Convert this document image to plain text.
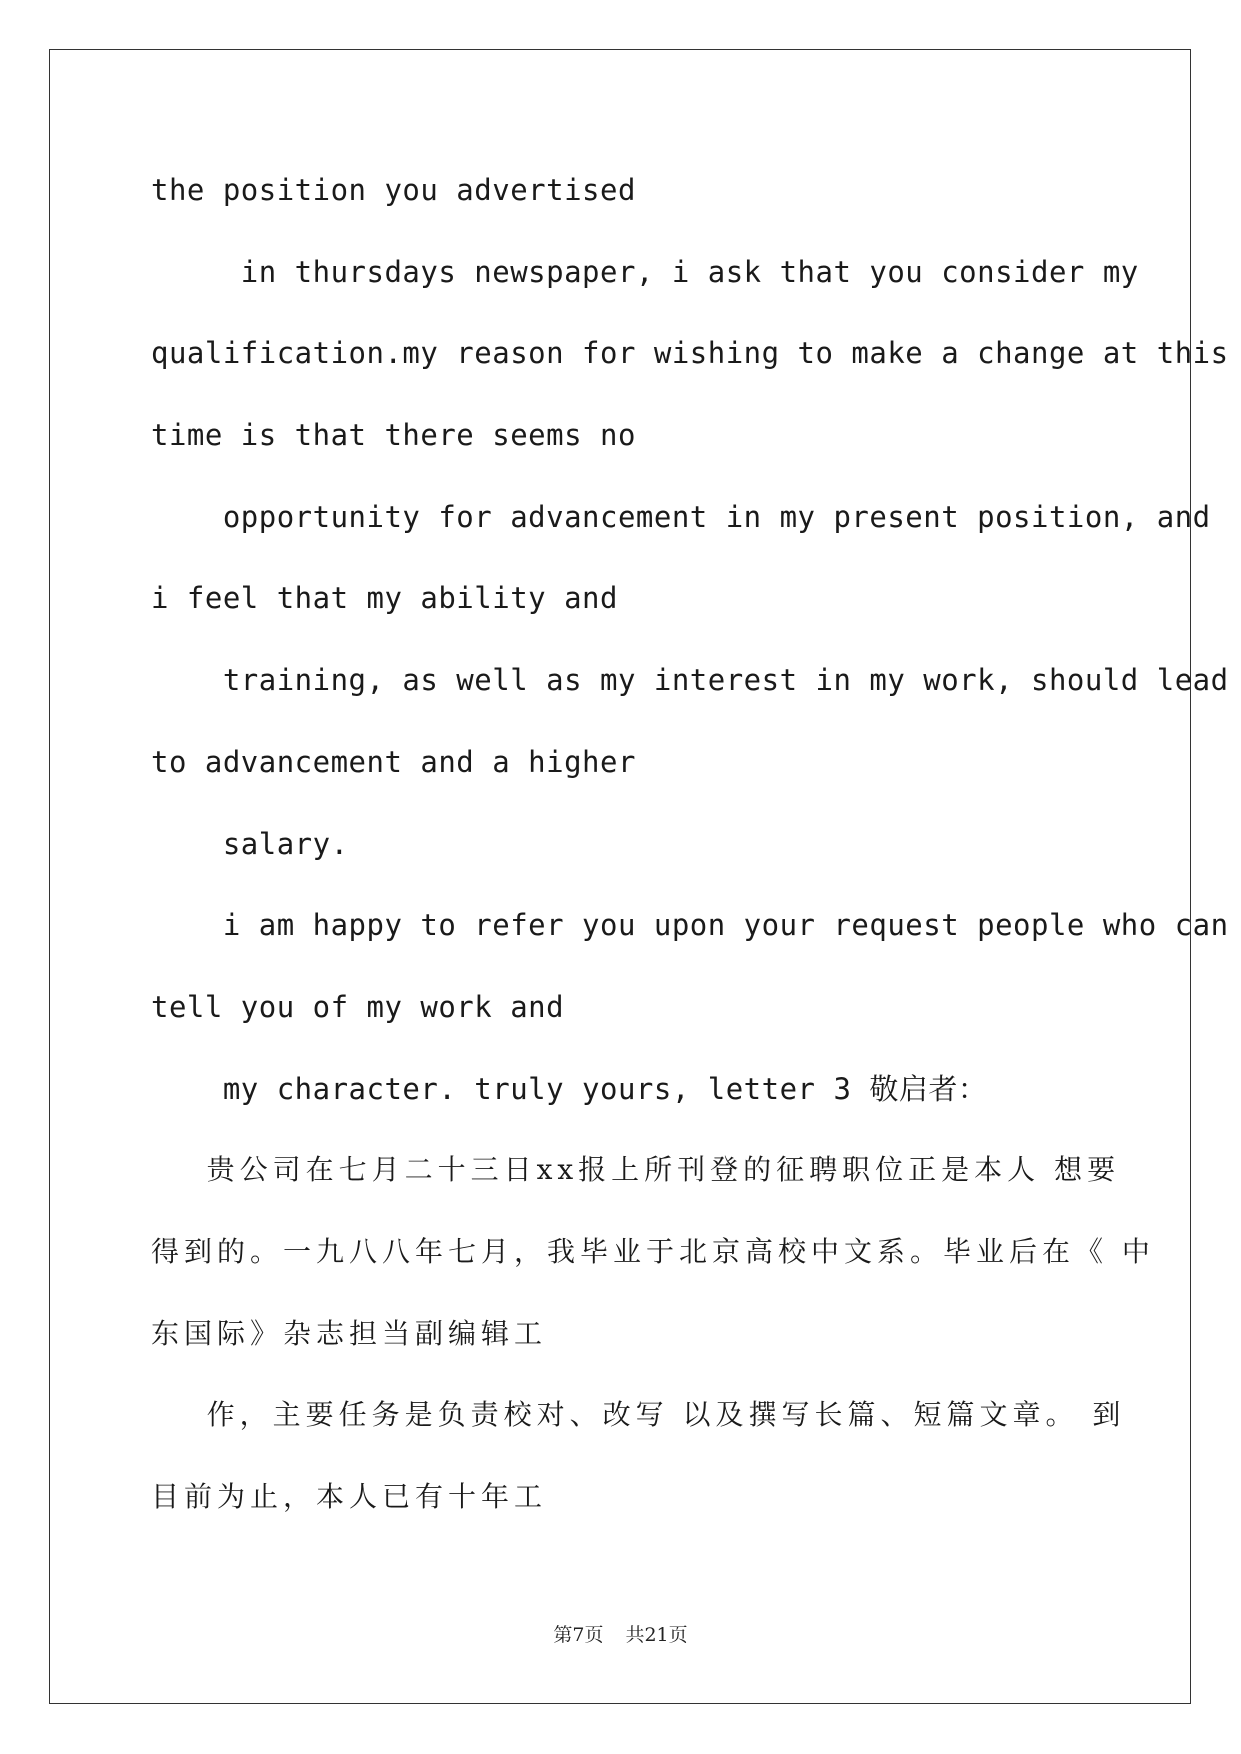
the position you advertised
in thursdays newspaper, i ask that you consider my
qualification.my reason for wishing to make a change at this
time is that there seems no
opportunity for advancement in my present position, and
i feel that my ability and
training, as well as my interest in my work, should lead
to advancement and a higher
salary.
i am happy to refer you upon your request people who can
tell you of my work and
my character. truly yours, letter 3 敬启者：
贵公司在七月二十三日xx报上所刊登的征聘职位正是本人 想要
得到的。一九八八年七月，我毕业于北京高校中文系。毕业后在《 中
东国际》杂志担当副编辑工
作，主要任务是负责校对、改写 以及撰写长篇、短篇文章。 到
目前为止，本人已有十年工
第7页 共21页
